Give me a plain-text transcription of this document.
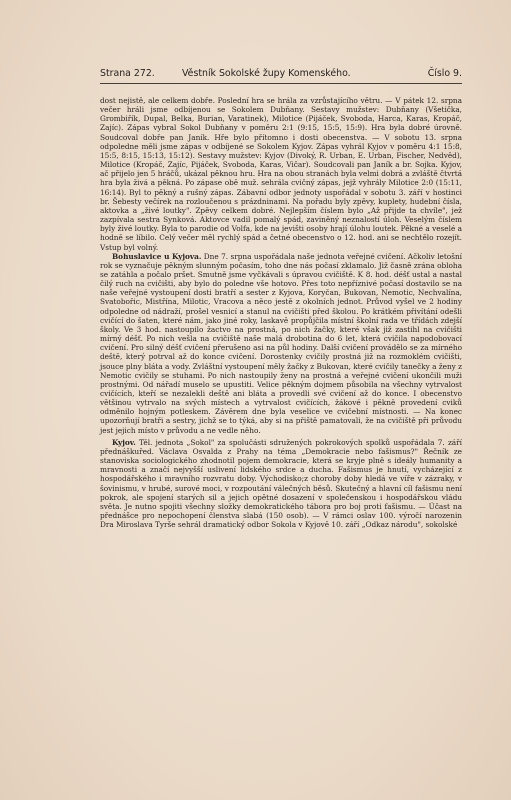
Strana 272.	Věstník Sokolské župy Komenského.	Číslo 9.

dost nejistě, ale celkem dobře. Poslední hra se hrála za vzrůstajícího větru. — V pátek 12. srpna večer hráli jsme odbíjenou se Sokolem Dubňany. Sestavy mužstev: Dubňany (Všetička, Grombiřík, Dupal, Belka, Burian, Varatinek), Milotice (Pijáček, Svoboda, Harca, Karas, Kropáč, Zajíc). Zápas vybral Sokol Dubňany v poměru 2:1 (9:15, 15:5, 15:9). Hra byla dobré úrovně. Soudcoval dobře pan Janík. Hře bylo přítomno i dosti obecenstva. — V sobotu 13. srpna odpoledne měli jsme zápas v odbíjené se Sokolem Kyjov. Zápas vyhrál Kyjov v poměru 4:1 15:8, 15:5, 8:15, 15:13, 15:12). Sestavy mužstev: Kyjov (Divoký, R. Urban, E. Urban, Fischer, Nedvěd), Milotice (Kropáč, Zajíc, Pijáček, Svoboda, Karas, Vičar). Soudcovali pan Janík a br. Sojka. Kyjov, ač přijelo jen 5 hráčů, ukázal pěknou hru. Hra na obou stranách byla velmi dobrá a zvláště čtvrtá hra byla živá a pěkná. Po zápase obě muž. sehrála cvičný zápas, jejž vyhrály Milotice 2:0 (15:11, 16:14). Byl to pěkný a rušný zápas. Zábavní odbor jednoty uspořádal v sobotu 3. září v hostinci br. Šebesty večírek na rozloučenou s prázdninami. Na pořadu byly zpěvy, kuplety, hudební čísla, aktovka a „živé loutky". Zpěvy celkem dobré. Nejlepším číslem bylo „Až přijde ta chvíle", jež zazpívala sestra Synková. Aktovce vadil pomalý spád, zaviněný neznalostí úloh. Veselým číslem byly živé loutky. Byla to parodie od Volfa, kde na jevišti osoby hrají úlohu loutek. Pěkné a veselé a hodně se líbilo. Celý večer měl rychlý spád a četné obecenstvo o 12. hod. ani se nechtělo rozejít. Vstup byl volný.

Bohuslavice u Kyjova. Dne 7. srpna uspořádala naše jednota veřejné cvičení. Ačkoliv letošní rok se vyznačuje pěkným slunným počasím, toho dne nás počasí zklamalo. Již časně zrána obloha se zatáhla a počalo pršet. Smutně jsme vyčkávali s úpravou cvičiště. K 8. hod. déšť ustal a nastal čilý ruch na cvičišti, aby bylo do poledne vše hotovo. Přes toto nepříznivé počasí dostavilo se na naše veřejné vystoupení dosti bratří a sester z Kyjova, Koryčan, Bukovan, Nemotic, Nechvalína, Svatobořic, Mistřína, Milotic, Vracova a něco jestě z okolních jednot. Průvod vyšel ve 2 hodiny odpoledne od nádraží, prošel vesnicí a stanul na cvičišti před školou. Po krátkém přivítání odešli cvičící do šaten, které nám, jako jiné roky, laskavě propůjčila místní školní rada ve třídách zdejší školy. Ve 3 hod. nastoupilo žactvo na prostná, po nich žačky, které však již zastihl na cvičišti mírný déšť. Po nich vešla na cvičiště naše malá drobotina do 6 let, která cvičila napodobovací cvičení. Pro silný déšť cvičení přerušeno asi na půl hodiny. Další cvičení provádělo se za mírného deště, který potrval až do konce cvičení. Dorostenky cvičily prostná již na rozmoklém cvičišti, jsouce plny bláta a vody. Zvláštní vystoupení měly žačky z Bukovan, které cvičily tanečky a ženy z Nemotic cvičily se stuhami. Po nich nastoupily ženy na prostná a veřejné cvičení ukončili muži prostnými. Od nářadí muselo se upustiti. Velice pěkným dojmem působila na všechny vytrvalost cvičících, kteří se nezalekli deště ani bláta a provedli své cvičení až do konce. I obecenstvo většinou vytrvalo na svých místech a vytrvalost cvičících, žákové i pěkně provedení cviků odměnilo hojným potleskem. Závěrem dne byla veselice ve cvičební místnosti. — Na konec upozorňují bratři a sestry, jichž se to týká, aby si na přiště pamatovali, že na cvičiště při průvodu jest jejich místo v průvodu a ne vedle něho.

Kyjov. Těl. jednota „Sokol" za spolučásti sdružených pokrokových spolků uspořádala 7. září přednáškuřed. Václava Osvalda z Prahy na téma „Demokracie nebo fašismus?" Řečník ze stanoviska sociologického zhodnotil pojem demokracie, která se kryje plně s ideály humanity a mravnosti a značí nejvyšší uslivení lidského srdce a ducha. Fašismus je hnutí, vycházející z hospodářského i mravního rozvratu doby. Východisko;z choroby doby hledá ve víře v zázraky, v šovinismu, v hrubé, surové moci, v rozpoutání válečných běsů. Skutečný a hlavní cíl fašismu není pokrok, ale spojení starých sil a jejich opětné dosazení v společenskou i hospodářskou vládu světa. Je nutno spojiti všechny složky demokratického tábora pro boj proti fašismu. — Účast na přednášce pro nepochopení členstva slabá (150 osob). — V rámci oslav 100. výročí narozenin Dra Miroslava Tyrše sehrál dramatický odbor Sokola v Kyjově 10. září „Odkaz národu", sokolské
